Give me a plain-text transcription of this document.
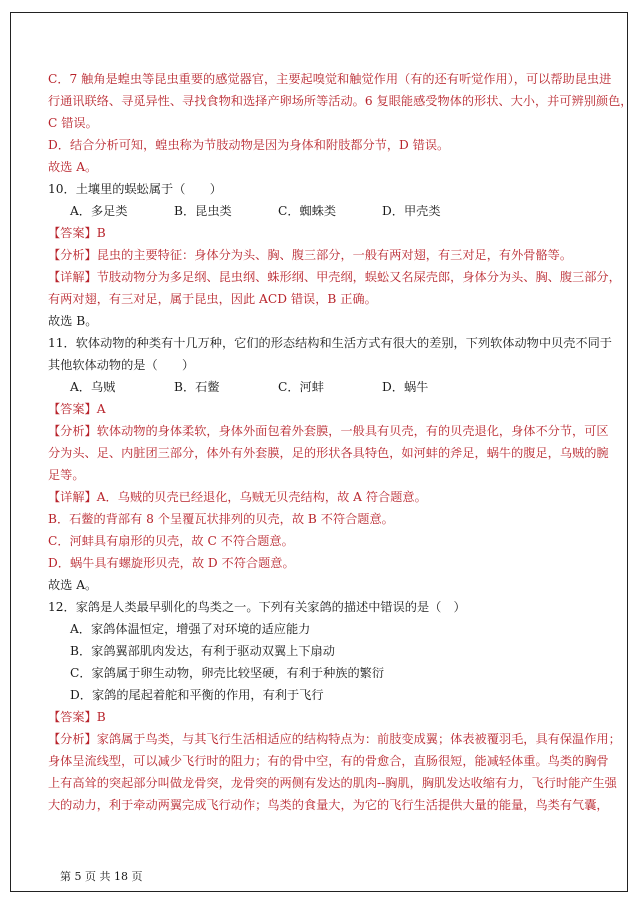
C．7 触角是蝗虫等昆虫重要的感觉器官，主要起嗅觉和触觉作用（有的还有听觉作用），可以帮助昆虫进
行通讯联络、寻觅异性、寻找食物和选择产卵场所等活动。6 复眼能感受物体的形状、大小，并可辨别颜色，
C 错误。
D．结合分析可知，蝗虫称为节肢动物是因为身体和附肢都分节，D 错误。
故选 A。
10．土壤里的蜈蚣属于（　　）
A．多足类	B．昆虫类	C．蜘蛛类	D．甲壳类
【答案】B
【分析】昆虫的主要特征：身体分为头、胸、腹三部分，一般有两对翅，有三对足，有外骨骼等。
【详解】节肢动物分为多足纲、昆虫纲、蛛形纲、甲壳纲，蜈蚣又名屎壳郎，身体分为头、胸、腹三部分，
有两对翅，有三对足，属于昆虫，因此 ACD 错误，B 正确。
故选 B。
11．软体动物的种类有十几万种，它们的形态结构和生活方式有很大的差别，下列软体动物中贝壳不同于
其他软体动物的是（　　）
A．乌贼	B．石鳖	C．河蚌	D．蜗牛
【答案】A
【分析】软体动物的身体柔软，身体外面包着外套膜，一般具有贝壳，有的贝壳退化，身体不分节，可区
分为头、足、内脏团三部分，体外有外套膜，足的形状各具特色，如河蚌的斧足，蜗牛的腹足，乌贼的腕
足等。
【详解】A．乌贼的贝壳已经退化，乌贼无贝壳结构，故 A 符合题意。
B．石鳖的背部有 8 个呈覆瓦状排列的贝壳，故 B 不符合题意。
C．河蚌具有扇形的贝壳，故 C 不符合题意。
D．蜗牛具有螺旋形贝壳，故 D 不符合题意。
故选 A。
12．家鸽是人类最早驯化的鸟类之一。下列有关家鸽的描述中错误的是（　）
A．家鸽体温恒定，增强了对环境的适应能力
B．家鸽翼部肌肉发达，有利于驱动双翼上下扇动
C．家鸽属于卵生动物，卵壳比较坚硬，有利于种族的繁衍
D．家鸽的尾起着舵和平衡的作用，有利于飞行
【答案】B
【分析】家鸽属于鸟类，与其飞行生活相适应的结构特点为：前肢变成翼；体表被覆羽毛，具有保温作用；
身体呈流线型，可以减少飞行时的阻力；有的骨中空，有的骨愈合，直肠很短，能减轻体重。鸟类的胸骨
上有高耸的突起部分叫做龙骨突，龙骨突的两侧有发达的肌肉--胸肌，胸肌发达收缩有力，飞行时能产生强
大的动力，利于牵动两翼完成飞行动作；鸟类的食量大，为它的飞行生活提供大量的能量，鸟类有气囊，
第 5 页 共 18 页
